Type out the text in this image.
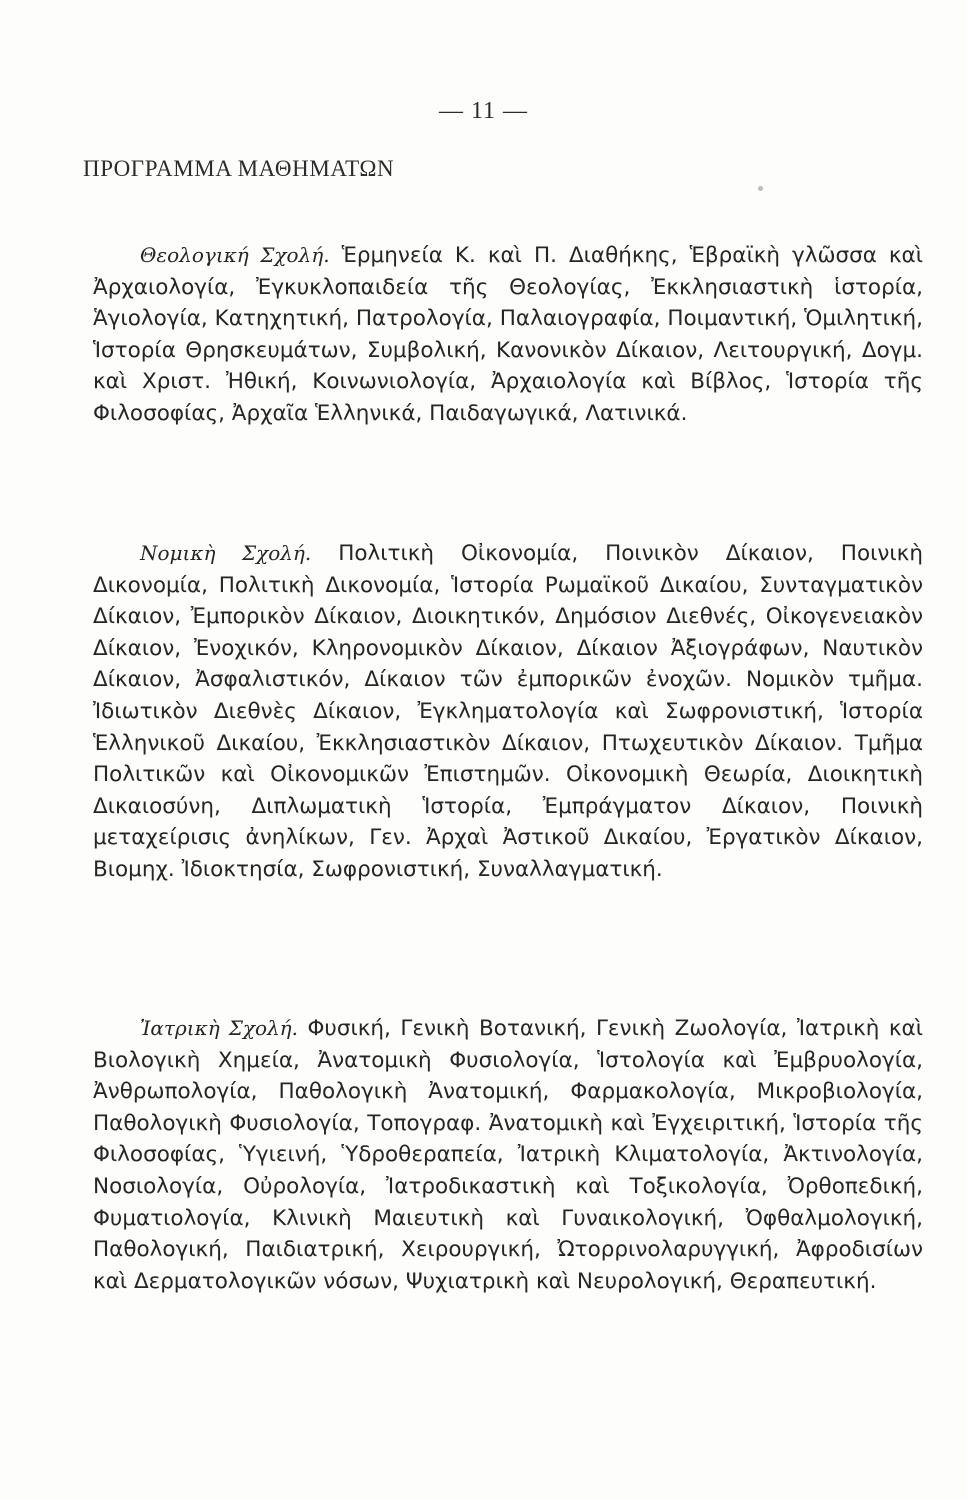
— 11 —
ΠΡΟΓΡΑΜΜΑ ΜΑΘΗΜΑΤΩΝ

Θεολογική Σχολή. Ἑρμηνεία Κ. καὶ Π. Διαθήκης, Ἑβραϊκὴ γλῶσσα καὶ Ἀρχαιολογία, Ἐγκυκλοπαιδεία τῆς Θεολογίας, Ἐκκλησιαστικὴ ἱστορία, Ἁγιολογία, Κατηχητική, Πατρολογία, Παλαιογραφία, Ποιμαντική, Ὁμιλητική, Ἱστορία Θρησκευμάτων, Συμβολική, Κανονικὸν Δίκαιον, Λειτουργική, Δογμ. καὶ Χριστ. Ἠθική, Κοινωνιολογία, Ἀρχαιολογία καὶ Βίβλος, Ἱστορία τῆς Φιλοσοφίας, Ἀρχαῖα Ἑλληνικά, Παιδαγωγικά, Λατινικά.

Νομικὴ Σχολή. Πολιτικὴ Οἰκονομία, Ποινικὸν Δίκαιον, Ποινικὴ Δικονομία, Πολιτικὴ Δικονομία, Ἱστορία Ρωμαϊκοῦ Δικαίου, Συνταγματικὸν Δίκαιον, Ἐμπορικὸν Δίκαιον, Διοικητικόν, Δημόσιον Διεθνές, Οἰκογενειακὸν Δίκαιον, Ἐνοχικόν, Κληρονομικὸν Δίκαιον, Δίκαιον Ἀξιογράφων, Ναυτικὸν Δίκαιον, Ἀσφαλιστικόν, Δίκαιον τῶν ἐμπορικῶν ἐνοχῶν. Νομικὸν τμῆμα. Ἰδιωτικὸν Διεθνὲς Δίκαιον, Ἐγκληματολογία καὶ Σωφρονιστική, Ἱστορία Ἑλληνικοῦ Δικαίου, Ἐκκλησιαστικὸν Δίκαιον, Πτωχευτικὸν Δίκαιον. Τμῆμα Πολιτικῶν καὶ Οἰκονομικῶν Ἐπιστημῶν. Οἰκονομικὴ Θεωρία, Διοικητικὴ Δικαιοσύνη, Διπλωματικὴ Ἱστορία, Ἐμπράγματον Δίκαιον, Ποινικὴ μεταχείρισις ἀνηλίκων, Γεν. Ἀρχαὶ Ἀστικοῦ Δικαίου, Ἐργατικὸν Δίκαιον, Βιομηχ. Ἰδιοκτησία, Σωφρονιστική, Συναλλαγματική.

Ἰατρικὴ Σχολή. Φυσική, Γενικὴ Βοτανική, Γενικὴ Ζωολογία, Ἰατρικὴ καὶ Βιολογικὴ Χημεία, Ἀνατομικὴ Φυσιολογία, Ἱστολογία καὶ Ἐμβρυολογία, Ἀνθρωπολογία, Παθολογικὴ Ἀνατομική, Φαρμακολογία, Μικροβιολογία, Παθολογικὴ Φυσιολογία, Τοπογραφ. Ἀνατομικὴ καὶ Ἐγχειριτική, Ἱστορία τῆς Φιλοσοφίας, Ὑγιεινή, Ὑδροθεραπεία, Ἰατρικὴ Κλιματολογία, Ἀκτινολογία, Νοσιολογία, Οὐρολογία, Ἰατροδικαστικὴ καὶ Τοξικολογία, Ὀρθοπεδική, Φυματιολογία, Κλινικὴ Μαιευτικὴ καὶ Γυναικολογική, Ὀφθαλμολογική, Παθολογική, Παιδιατρική, Χειρουργική, Ὠτορρινολαρυγγική, Ἀφροδισίων καὶ Δερματολογικῶν νόσων, Ψυχιατρικὴ καὶ Νευρολογική, Θεραπευτική.
